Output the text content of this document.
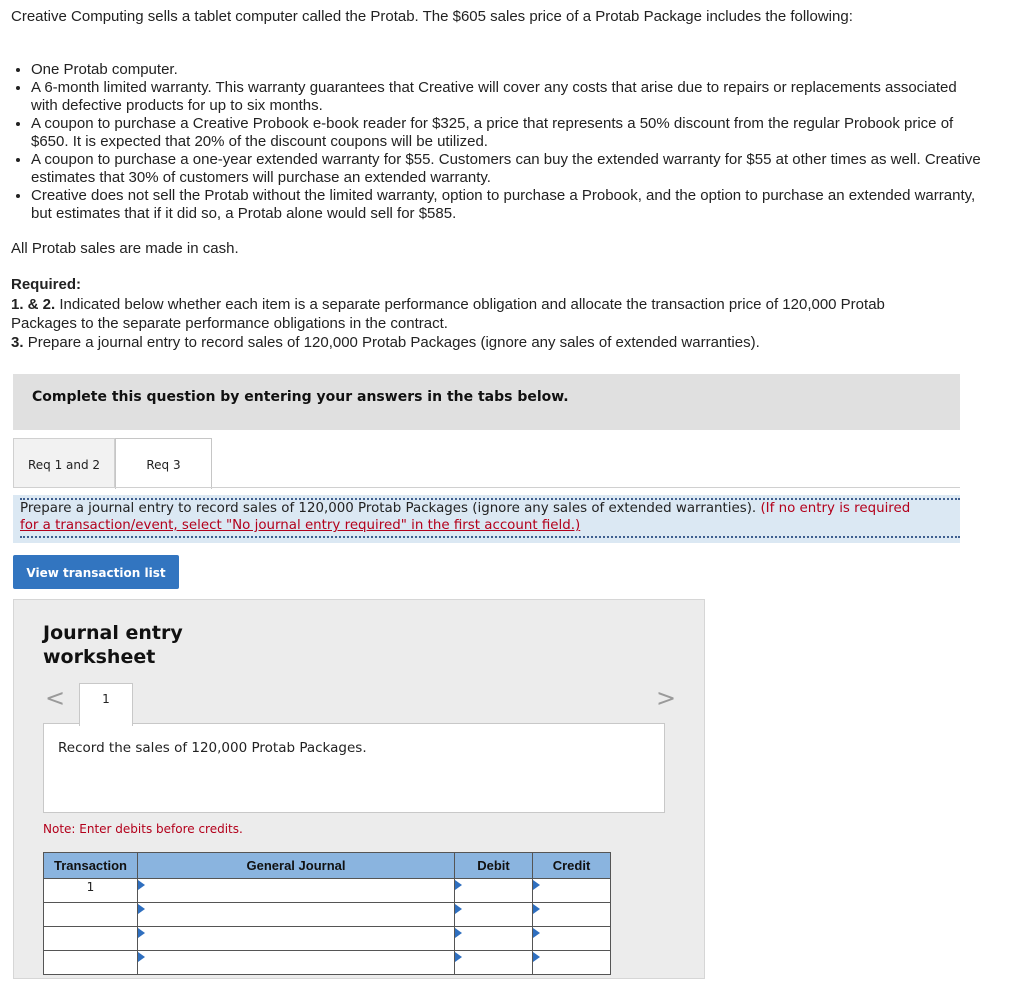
Creative Computing sells a tablet computer called the Protab. The $605 sales price of a Protab Package includes the following:
• One Protab computer.
• A 6-month limited warranty. This warranty guarantees that Creative will cover any costs that arise due to repairs or replacements associated with defective products for up to six months.
• A coupon to purchase a Creative Probook e-book reader for $325, a price that represents a 50% discount from the regular Probook price of $650. It is expected that 20% of the discount coupons will be utilized.
• A coupon to purchase a one-year extended warranty for $55. Customers can buy the extended warranty for $55 at other times as well. Creative estimates that 30% of customers will purchase an extended warranty.
• Creative does not sell the Protab without the limited warranty, option to purchase a Probook, and the option to purchase an extended warranty, but estimates that if it did so, a Protab alone would sell for $585.
All Protab sales are made in cash.
Required:
1. & 2. Indicated below whether each item is a separate performance obligation and allocate the transaction price of 120,000 Protab Packages to the separate performance obligations in the contract.
3. Prepare a journal entry to record sales of 120,000 Protab Packages (ignore any sales of extended warranties).
Complete this question by entering your answers in the tabs below.
Req 1 and 2	Req 3
Prepare a journal entry to record sales of 120,000 Protab Packages (ignore any sales of extended warranties). (If no entry is required
for a transaction/event, select "No journal entry required" in the first account field.)
View transaction list
Journal entry worksheet
<	1	>
Record the sales of 120,000 Protab Packages.
Note: Enter debits before credits.
Transaction	General Journal	Debit	Credit
1	
